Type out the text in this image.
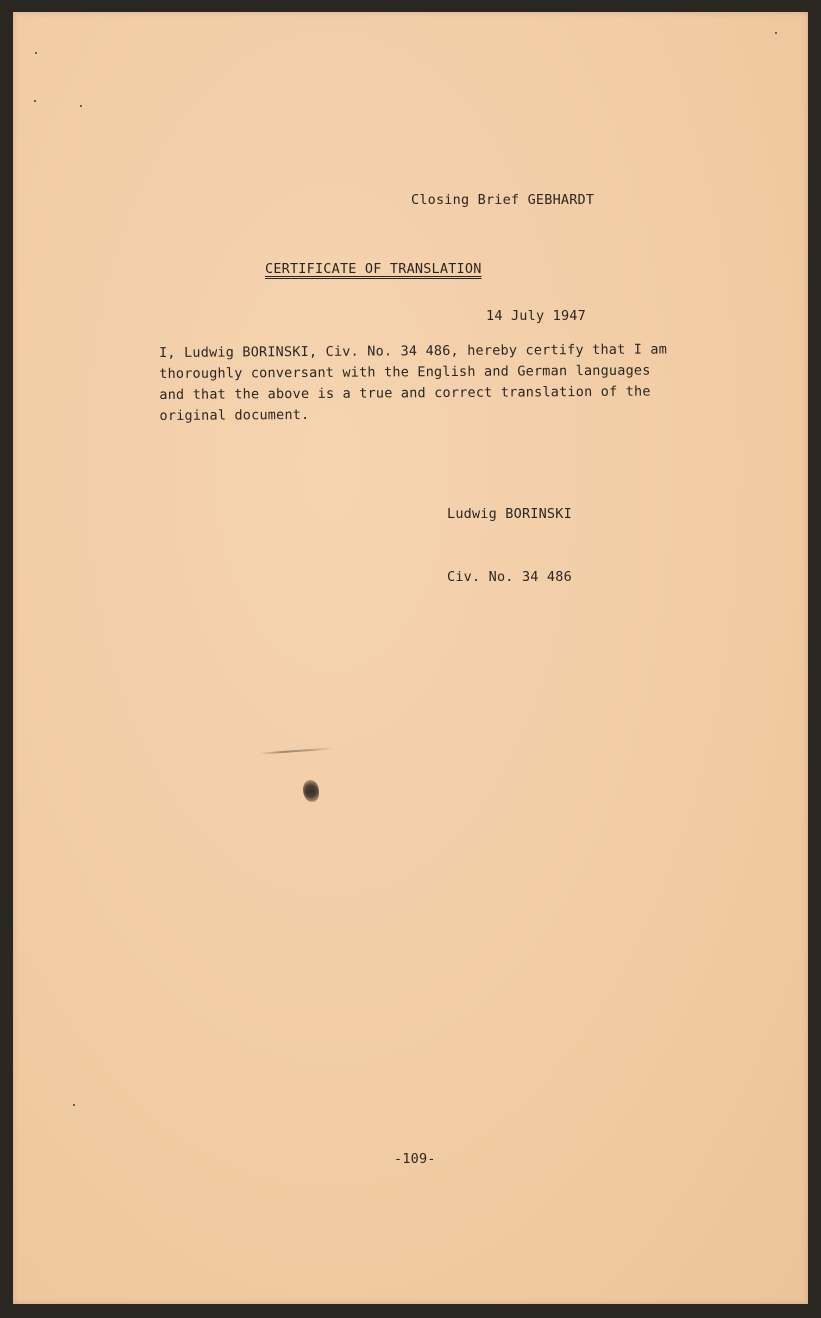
Closing Brief GEBHARDT
CERTIFICATE OF TRANSLATION
14 July 1947
I, Ludwig BORINSKI, Civ. No. 34 486, hereby certify that I am
thoroughly conversant with the English and German languages
and that the above is a true and correct translation of the
original document.

Ludwig BORINSKI

Civ. No. 34 486

-109-
